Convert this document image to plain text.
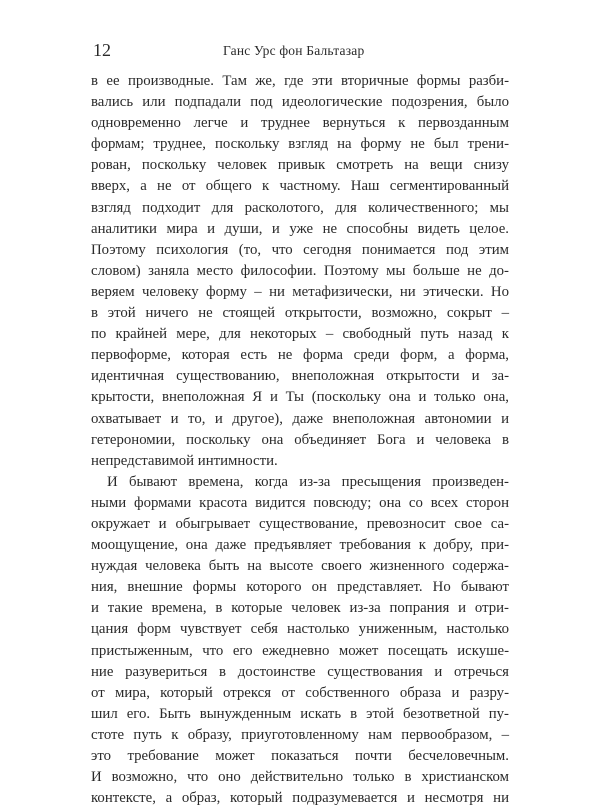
12	Ганс Урс фон Бальтазар
в ее производные. Там же, где эти вторичные формы разби-
вались или подпадали под идеологические подозрения, было
одновременно легче и труднее вернуться к первозданным
формам; труднее, поскольку взгляд на форму не был трени-
рован, поскольку человек привык смотреть на вещи снизу
вверх, а не от общего к частному. Наш сегментированный
взгляд подходит для расколотого, для количественного; мы
аналитики мира и души, и уже не способны видеть целое.
Поэтому психология (то, что сегодня понимается под этим
словом) заняла место философии. Поэтому мы больше не до-
веряем человеку форму – ни метафизически, ни этически. Но
в этой ничего не стоящей открытости, возможно, сокрыт –
по крайней мере, для некоторых – свободный путь назад к
первоформе, которая есть не форма среди форм, а форма,
идентичная существованию, внеположная открытости и за-
крытости, внеположная Я и Ты (поскольку она и только она,
охватывает и то, и другое), даже внеположная автономии и
гетерономии, поскольку она объединяет Бога и человека в
непредставимой интимности.
И бывают времена, когда из-за пресыщения произведен-
ными формами красота видится повсюду; она со всех сторон
окружает и обыгрывает существование, превозносит свое са-
моощущение, она даже предъявляет требования к добру, при-
нуждая человека быть на высоте своего жизненного содержа-
ния, внешние формы которого он представляет. Но бывают
и такие времена, в которые человек из-за попрания и отри-
цания форм чувствует себя настолько униженным, настолько
пристыженным, что его ежедневно может посещать искуше-
ние разувериться в достоинстве существования и отречься
от мира, который отрекся от собственного образа и разру-
шил его. Быть вынужденным искать в этой безответной пу-
стоте путь к образу, приуготовленному нам первообразом, –
это требование может показаться почти бесчеловечным.
И возможно, что оно действительно только в христианском
контексте, а образ, который подразумевается и несмотря ни
